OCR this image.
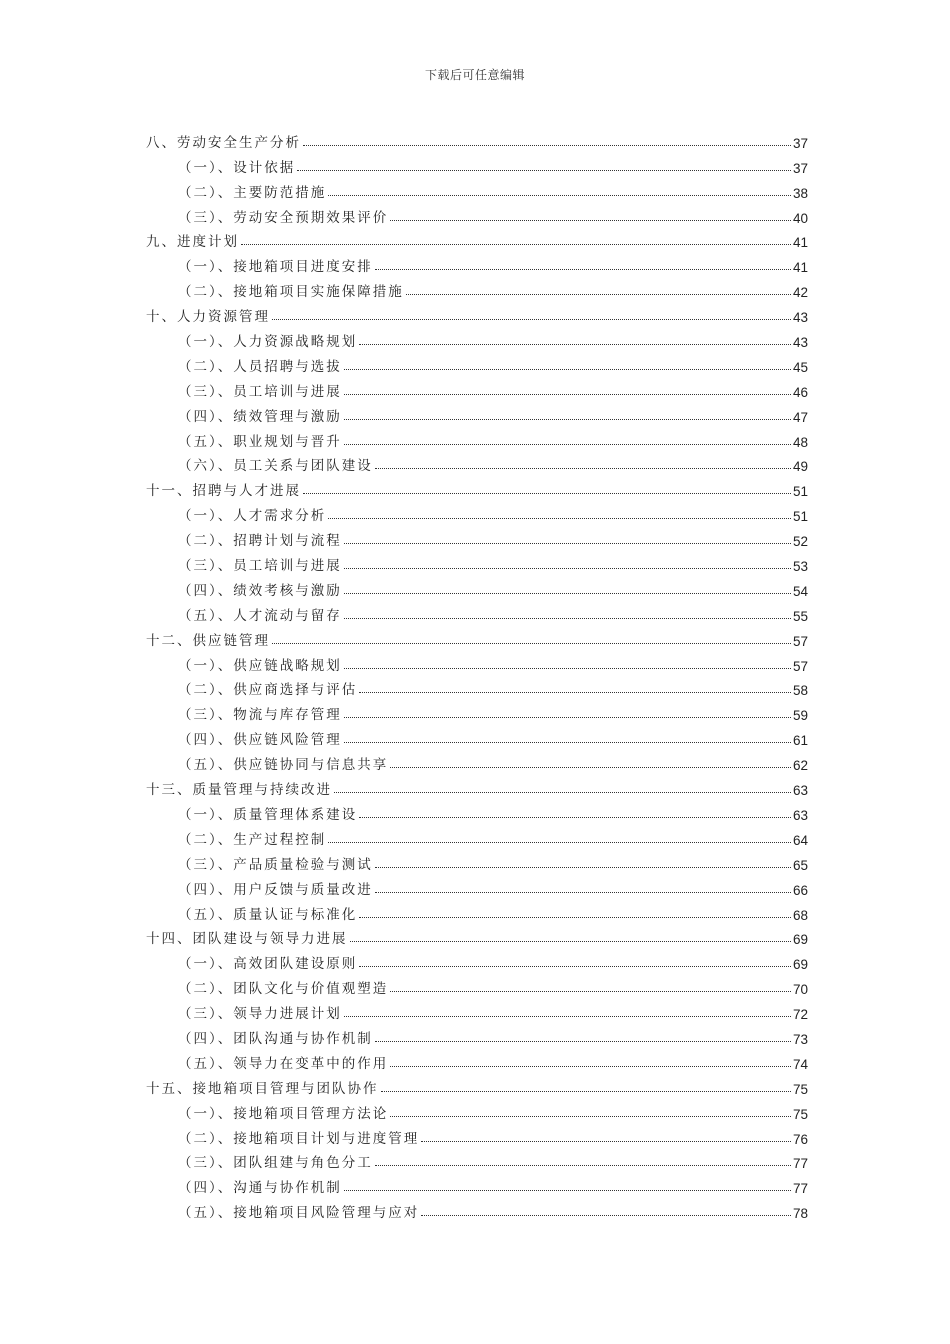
下载后可任意编辑
八、劳动安全生产分析	37
（一）、设计依据	37
（二）、主要防范措施	38
（三）、劳动安全预期效果评价	40
九、进度计划	41
（一）、接地箱项目进度安排	41
（二）、接地箱项目实施保障措施	42
十、人力资源管理	43
（一）、人力资源战略规划	43
（二）、人员招聘与选拔	45
（三）、员工培训与进展	46
（四）、绩效管理与激励	47
（五）、职业规划与晋升	48
（六）、员工关系与团队建设	49
十一、招聘与人才进展	51
（一）、人才需求分析	51
（二）、招聘计划与流程	52
（三）、员工培训与进展	53
（四）、绩效考核与激励	54
（五）、人才流动与留存	55
十二、供应链管理	57
（一）、供应链战略规划	57
（二）、供应商选择与评估	58
（三）、物流与库存管理	59
（四）、供应链风险管理	61
（五）、供应链协同与信息共享	62
十三、质量管理与持续改进	63
（一）、质量管理体系建设	63
（二）、生产过程控制	64
（三）、产品质量检验与测试	65
（四）、用户反馈与质量改进	66
（五）、质量认证与标准化	68
十四、团队建设与领导力进展	69
（一）、高效团队建设原则	69
（二）、团队文化与价值观塑造	70
（三）、领导力进展计划	72
（四）、团队沟通与协作机制	73
（五）、领导力在变革中的作用	74
十五、接地箱项目管理与团队协作	75
（一）、接地箱项目管理方法论	75
（二）、接地箱项目计划与进度管理	76
（三）、团队组建与角色分工	77
（四）、沟通与协作机制	77
（五）、接地箱项目风险管理与应对	78
